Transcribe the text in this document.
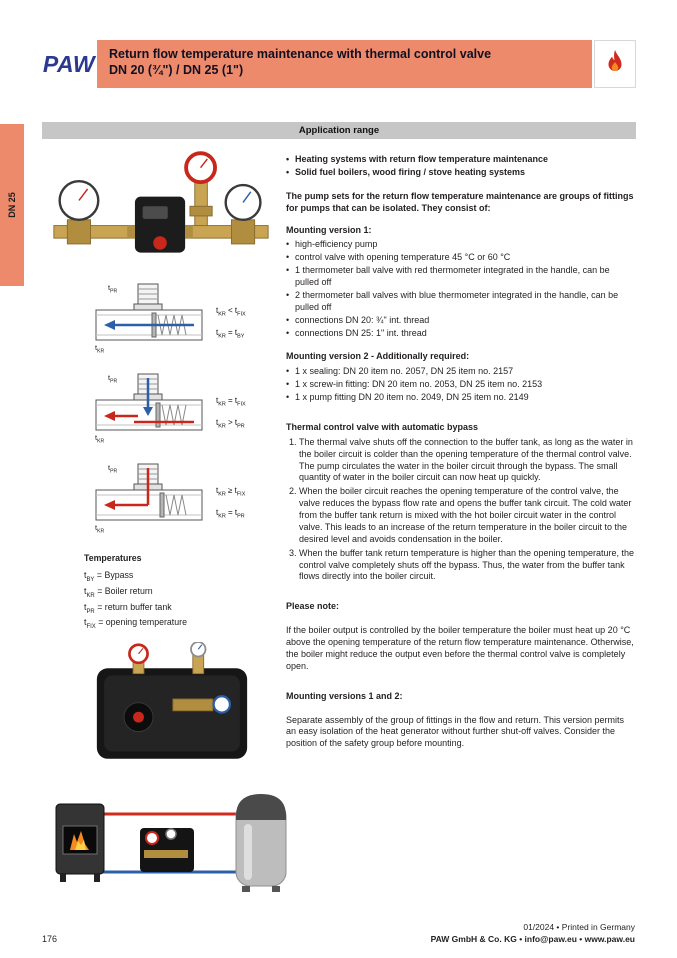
PAW Return flow temperature maintenance with thermal control valve
DN 20 (¾") / DN 25 (1")
DN 25
Application range
$t_{PR}$
$t_{KR}$
$t_{KR} < t_{FIX}$
$t_{KR} = t_{BY}$
$t_{PR}$
$t_{KR}$
$t_{KR} = t_{FIX}$
$t_{KR} > t_{PR}$
$t_{PR}$
$t_{KR}$
$t_{KR} \ge t_{FIX}$
$t_{KR} = t_{PR}$
Temperatures
$t_{BY}$ = Bypass
$t_{KR}$ = Boiler return
$t_{PR}$ = return buffer tank
$t_{FIX}$ = opening temperature
• Heating systems with return flow temperature maintenance
• Solid fuel boilers, wood firing / stove heating systems

The pump sets for the return flow temperature maintenance are groups of fittings for pumps that can be isolated. They consist of:

Mounting version 1:
• high-efficiency pump
• control valve with opening temperature 45 °C or 60 °C
• 1 thermometer ball valve with red thermometer integrated in the handle, can be pulled off
• 2 thermometer ball valves with blue thermometer integrated in the handle, can be pulled off
• connections DN 20: ¾" int. thread
• connections DN 25: 1" int. thread
Mounting version 2 - Additionally required:
• 1 x sealing: DN 20 item no. 2057, DN 25 item no. 2157
• 1 x screw-in fitting: DN 20 item no. 2053, DN 25 item no. 2153
• 1 x pump fitting DN 20 item no. 2049, DN 25 item no. 2149
Thermal control valve with automatic bypass
1. The thermal valve shuts off the connection to the buffer tank, as long as the water in the boiler circuit is colder than the opening temperature of the thermal control valve. The pump circulates the water in the boiler circuit through the bypass. The small quantity of water in the boiler circuit can now heat up quickly.
2. When the boiler circuit reaches the opening temperature of the control valve, the valve reduces the bypass flow rate and opens the buffer tank circuit. The cold water from the buffer tank return is mixed with the hot boiler circuit water in the control valve. This leads to an increase of the return temperature in the boiler circuit to the desired level and avoids condensation in the boiler.
3. When the buffer tank return temperature is higher than the opening temperature, the control valve completely shuts off the bypass. Thus, the water from the buffer tank flows directly into the boiler circuit.
Please note:

If the boiler output is controlled by the boiler temperature the boiler must heat up 20 °C above the opening temperature of the return flow temperature maintenance. Otherwise, the boiler might reduce the output even before the thermal control valve is completely open.

Mounting versions 1 and 2:

Separate assembly of the group of fittings in the flow and return. This version permits an easy isolation of the heat generator without further shut-off valves. Consider the position of the safety group before mounting.

176
01/2024 • Printed in Germany
PAW GmbH & Co. KG • info@paw.eu • www.paw.eu
